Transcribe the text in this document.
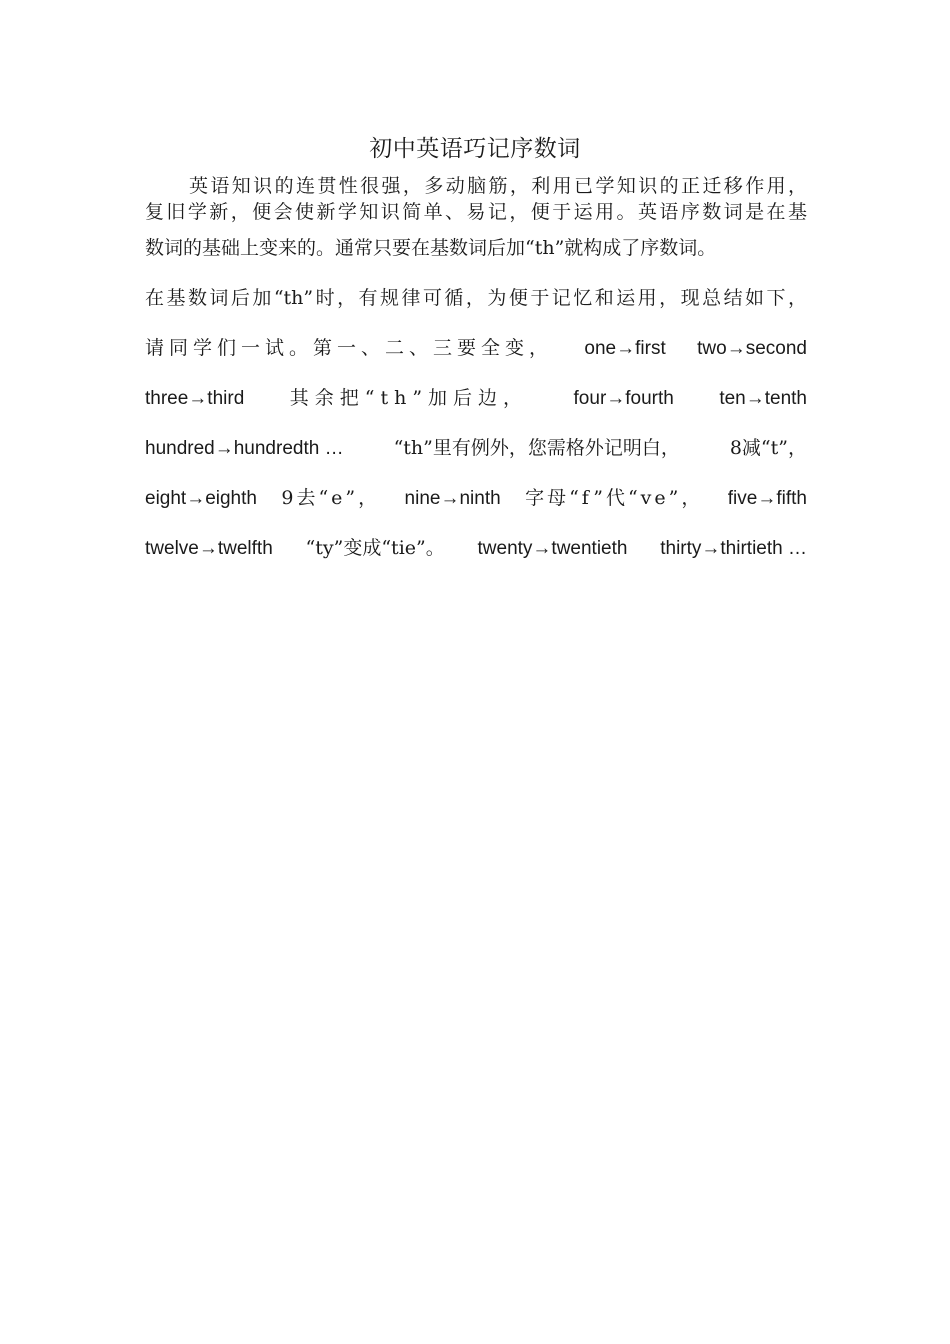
初中英语巧记序数词
英语知识的连贯性很强，多动脑筋，利用已学知识的正迁移作用，
复旧学新，便会使新学知识简单、易记，便于运用。英语序数词是在基
数词的基础上变来的。通常只要在基数词后加“th”就构成了序数词。
在基数词后加“th”时，有规律可循，为便于记忆和运用，现总结如下，
请同学们一试。第一、二、三要全变， one→first two→second
three→third 其余把“th”加后边， four→fourth ten→tenth
hundred→hundredth …	“th”里有例外，您需格外记明白，	8减“t”，
eight→eighth 9去“e”， nine→ninth 字母“f”代“ve”， five→fifth
twelve→twelfth “ty”变成“tie”。 twenty→twentieth thirty→thirtieth …
